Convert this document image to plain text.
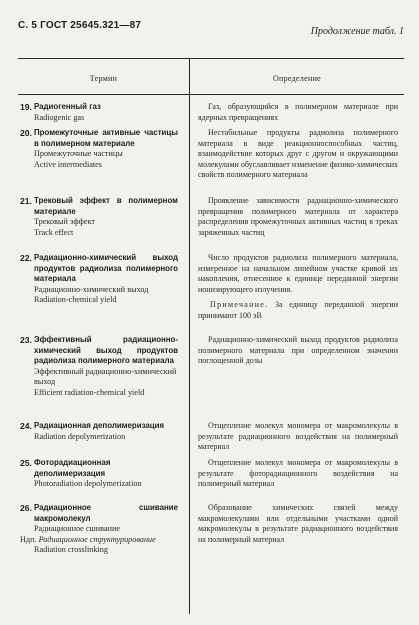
С. 5 ГОСТ 25645.321—87
Продолжение табл. 1
Термин	Определение
19. Радиогенный газ
Radiogenic gas
Газ, образующийся в полимерном материале при ядерных превращениях
20. Промежуточные активные частицы в полимерном материале
Промежуточные частицы
Active intermediates
Нестабильные продукты радиолиза полимерного материала в виде реакционноспособных частиц, взаимодействие которых друг с другом и окружающими молекулами обуславливает изменение физико-химических свойств полимерного материала
21. Трековый эффект в полимерном материале
Трековый эффект
Track effect
Проявление зависимости радиационно-химического превращения полимерного материала от характера распределения промежуточных активных частиц в треках заряженных частиц
22. Радиационно-химический выход продуктов радиолиза полимерного материала
Радиационно-химический выход
Radiation-chemical yield
Число продуктов радиолиза полимерного материала, измеренное на начальном линейном участке кривой их накопления, отнесенное к единице переданной энергии ионизирующего излучения.
Примечание. За единицу переданной энергии принимают 100 эВ
23. Эффективный радиационно-химический выход продуктов радиолиза полимерного материала
Эффективный радиационно-химический выход
Efficient radiation-chemical yield
Радиационно-химический выход продуктов радиолиза полимерного материала при определенном значении поглощенной дозы
24. Радиационная деполимеризация
Radiation depolymerization
Отщепление молекул мономера от макромолекулы в результате радиационного воздействия на полимерный материал
25. Фоторадиационная деполимеризация
Photoradiation depolymerization
Отщепление молекул мономера от макромолекулы в результате фоторадиационного воздействия на полимерный материал
26. Радиационное сшивание макромолекул
Радиационное сшивание
Ндп. Радиационное структурирование
Radiation crosslinking
Образование химических связей между макромолекулами или отдельными участками одной макромолекулы в результате радиационного воздействия на полимерный материал
